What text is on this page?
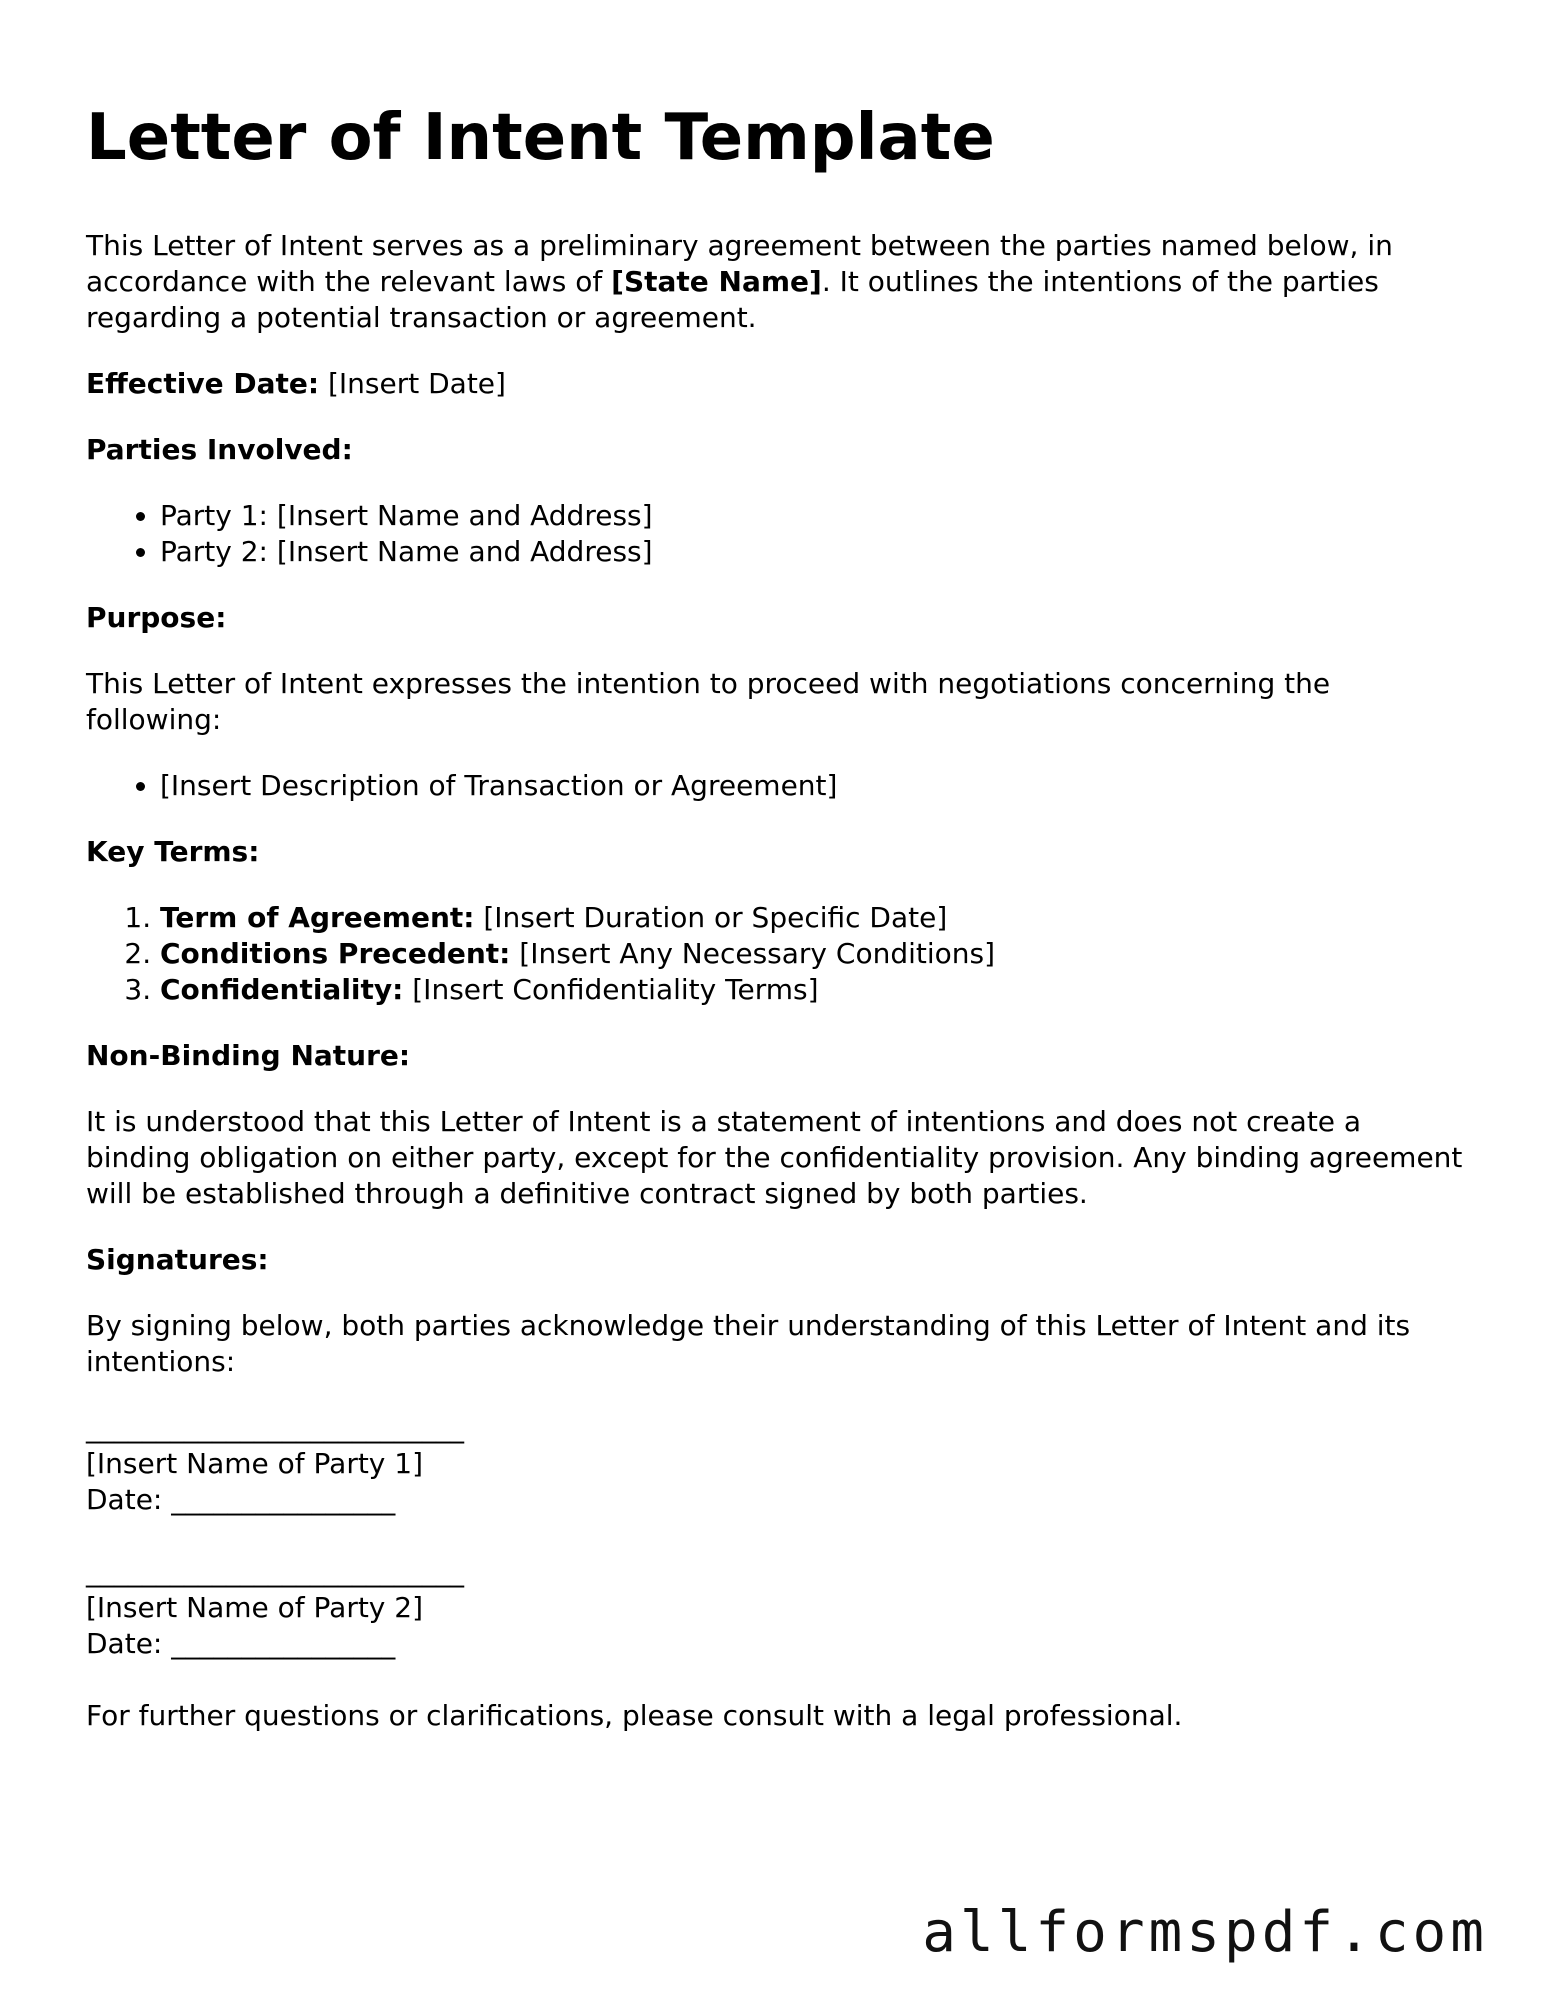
Letter of Intent Template

This Letter of Intent serves as a preliminary agreement between the parties named below, in accordance with the relevant laws of [State Name]. It outlines the intentions of the parties regarding a potential transaction or agreement.

Effective Date: [Insert Date]

Parties Involved:

• Party 1: [Insert Name and Address]
• Party 2: [Insert Name and Address]

Purpose:

This Letter of Intent expresses the intention to proceed with negotiations concerning the following:

• [Insert Description of Transaction or Agreement]

Key Terms:

1. Term of Agreement: [Insert Duration or Specific Date]
2. Conditions Precedent: [Insert Any Necessary Conditions]
3. Confidentiality: [Insert Confidentiality Terms]

Non-Binding Nature:

It is understood that this Letter of Intent is a statement of intentions and does not create a binding obligation on either party, except for the confidentiality provision. Any binding agreement will be established through a definitive contract signed by both parties.

Signatures:

By signing below, both parties acknowledge their understanding of this Letter of Intent and its intentions:

___________________________
[Insert Name of Party 1]
Date: ________________
___________________________
[Insert Name of Party 2]
Date: ________________

For further questions or clarifications, please consult with a legal professional.

allformspdf.com
